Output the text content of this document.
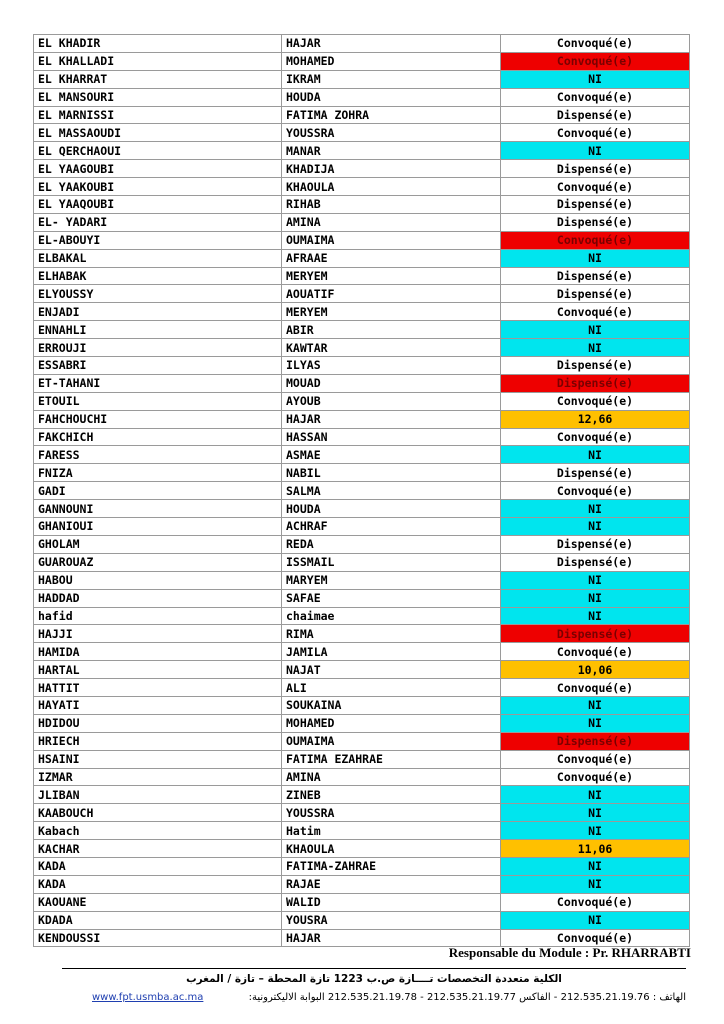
EL KHADIR	HAJAR	Convoqué(e)
EL KHALLADI	MOHAMED	Convoqué(e)
EL KHARRAT	IKRAM	NI
EL MANSOURI	HOUDA	Convoqué(e)
EL MARNISSI	FATIMA ZOHRA	Dispensé(e)
EL MASSAOUDI	YOUSSRA	Convoqué(e)
EL QERCHAOUI	MANAR	NI
EL YAAGOUBI	KHADIJA	Dispensé(e)
EL YAAKOUBI	KHAOULA	Convoqué(e)
EL YAAQOUBI	RIHAB	Dispensé(e)
EL- YADARI	AMINA	Dispensé(e)
EL-ABOUYI	OUMAIMA	Convoqué(e)
ELBAKAL	AFRAAE	NI
ELHABAK	MERYEM	Dispensé(e)
ELYOUSSY	AOUATIF	Dispensé(e)
ENJADI	MERYEM	Convoqué(e)
ENNAHLI	ABIR	NI
ERROUJI	KAWTAR	NI
ESSABRI	ILYAS	Dispensé(e)
ET-TAHANI	MOUAD	Dispensé(e)
ETOUIL	AYOUB	Convoqué(e)
FAHCHOUCHI	HAJAR	12,66
FAKCHICH	HASSAN	Convoqué(e)
FARESS	ASMAE	NI
FNIZA	NABIL	Dispensé(e)
GADI	SALMA	Convoqué(e)
GANNOUNI	HOUDA	NI
GHANIOUI	ACHRAF	NI
GHOLAM	REDA	Dispensé(e)
GUAROUAZ	ISSMAIL	Dispensé(e)
HABOU	MARYEM	NI
HADDAD	SAFAE	NI
hafid	chaimae	NI
HAJJI	RIMA	Dispensé(e)
HAMIDA	JAMILA	Convoqué(e)
HARTAL	NAJAT	10,06
HATTIT	ALI	Convoqué(e)
HAYATI	SOUKAINA	NI
HDIDOU	MOHAMED	NI
HRIECH	OUMAIMA	Dispensé(e)
HSAINI	FATIMA EZAHRAE	Convoqué(e)
IZMAR	AMINA	Convoqué(e)
JLIBAN	ZINEB	NI
KAABOUCH	YOUSSRA	NI
Kabach	Hatim	NI
KACHAR	KHAOULA	11,06
KADA	FATIMA-ZAHRAE	NI
KADA	RAJAE	NI
KAOUANE	WALID	Convoqué(e)
KDADA	YOUSRA	NI
KENDOUSSI	HAJAR	Convoqué(e)
Responsable du Module : Pr. RHARRABTI
الكلية متعددة التخصصات تــــازة ص.ب 1223 تازة المحطة – تازة / المغرب
www.fpt.usmba.ac.ma	الهاتف : 212.535.21.19.76 - الفاكس 212.535.21.19.77 - 212.535.21.19.78 البوابة الاليكترونية:
